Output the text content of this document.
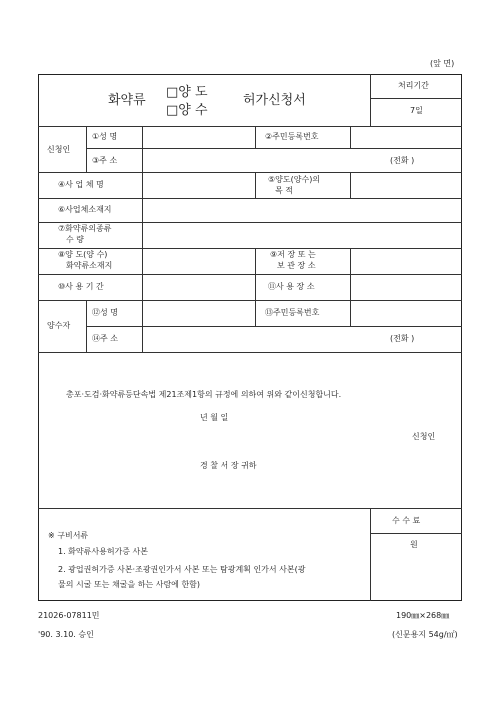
(앞 면)
화약류
□양 도
□양 수
허가신청서
처리기간
7일
신청인
①성 명	②주민등록번호
③주 소	(전화 )
④사 업 체 명
⑤양도(양수)의
목 적
⑥사업체소재지
⑦화약류의종류
수 량
⑧양 도(양 수)
화약류소재지
⑨저 장 또 는
보 관 장 소
⑩사 용 기 간	⑪사 용 장 소
양수자
⑫성 명	⑬주민등록번호
⑭주 소	(전화 )
총포·도검·화약류등단속법 제21조제1항의 규정에 의하여 위와 같이신청합니다.
년 월 일
신청인
경 찰 서 장 귀하
※ 구비서류
1. 화약류사용허가증 사본
2. 광업권허가증 사본·조광권인가서 사본 또는 탐광계획 인가서 사본(광
물의 시굴 또는 채굴을 하는 사람에 한함)
수 수 료
원
21026-07811민
'90. 3.10. 승인
190㎜×268㎜
(신문용지 54g/㎡)
